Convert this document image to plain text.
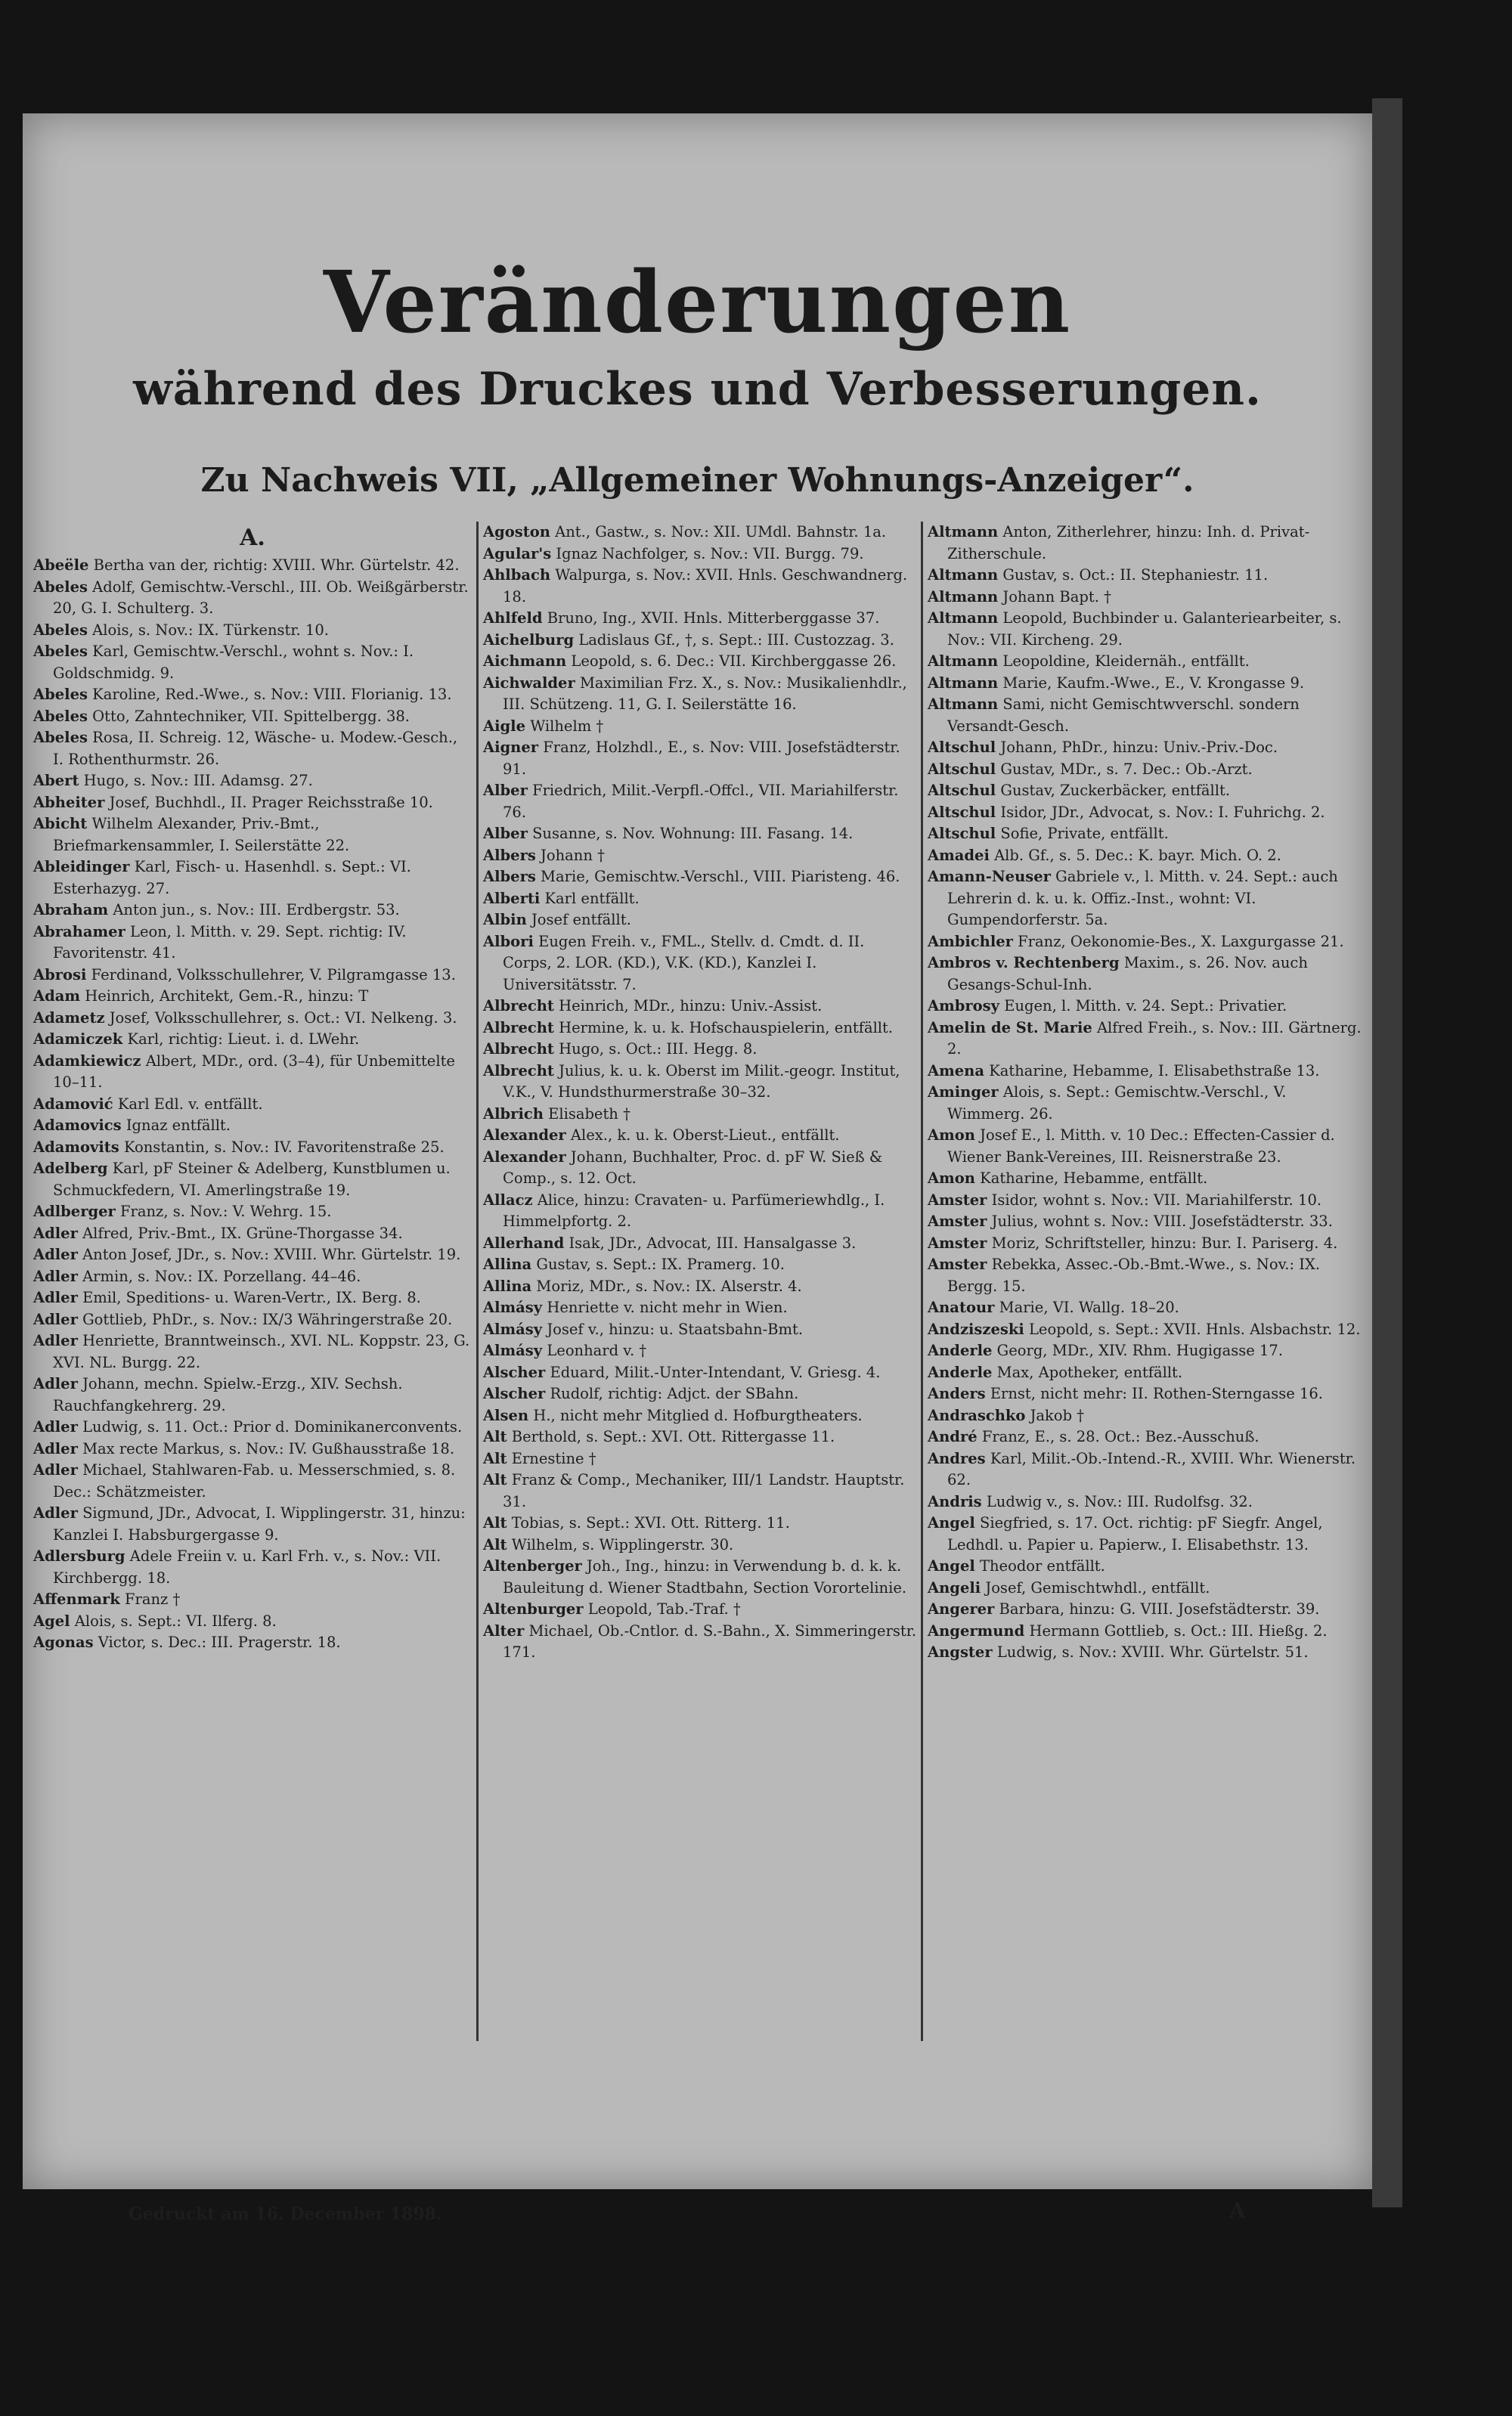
Veränderungen
während des Druckes und Verbesserungen.
Zu Nachweis VII, „Allgemeiner Wohnungs-Anzeiger“.
A.

Abeële Bertha van der, richtig: XVIII. Whr. Gürtelstr. 42.

Abeles Adolf, Gemischtw.-Verschl., III. Ob. Weißgärberstr. 20, G. I. Schulterg. 3.

Abeles Alois, s. Nov.: IX. Türkenstr. 10.

Abeles Karl, Gemischtw.-Verschl., wohnt s. Nov.: I. Goldschmidg. 9.

Abeles Karoline, Red.-Wwe., s. Nov.: VIII. Florianig. 13.

Abeles Otto, Zahntechniker, VII. Spittelbergg. 38.

Abeles Rosa, II. Schreig. 12, Wäsche- u. Modew.-Gesch., I. Rothenthurmstr. 26.

Abert Hugo, s. Nov.: III. Adamsg. 27.

Abheiter Josef, Buchhdl., II. Prager Reichsstraße 10.

Abicht Wilhelm Alexander, Priv.-Bmt., Briefmarkensammler, I. Seilerstätte 22.

Ableidinger Karl, Fisch- u. Hasenhdl. s. Sept.: VI. Esterhazyg. 27.

Abraham Anton jun., s. Nov.: III. Erdbergstr. 53.

Abrahamer Leon, l. Mitth. v. 29. Sept. richtig: IV. Favoritenstr. 41.

Abrosi Ferdinand, Volksschullehrer, V. Pilgramgasse 13.

Adam Heinrich, Architekt, Gem.-R., hinzu: T

Adametz Josef, Volksschullehrer, s. Oct.: VI. Nelkeng. 3.

Adamiczek Karl, richtig: Lieut. i. d. LWehr.

Adamkiewicz Albert, MDr., ord. (3–4), für Unbemittelte 10–11.

Adamović Karl Edl. v. entfällt.

Adamovics Ignaz entfällt.

Adamovits Konstantin, s. Nov.: IV. Favoritenstraße 25.

Adelberg Karl, pF Steiner & Adelberg, Kunstblumen u. Schmuckfedern, VI. Amerlingstraße 19.

Adlberger Franz, s. Nov.: V. Wehrg. 15.

Adler Alfred, Priv.-Bmt., IX. Grüne-Thorgasse 34.

Adler Anton Josef, JDr., s. Nov.: XVIII. Whr. Gürtelstr. 19.

Adler Armin, s. Nov.: IX. Porzellang. 44–46.

Adler Emil, Speditions- u. Waren-Vertr., IX. Berg. 8.

Adler Gottlieb, PhDr., s. Nov.: IX/3 Währingerstraße 20.

Adler Henriette, Branntweinsch., XVI. NL. Koppstr. 23, G. XVI. NL. Burgg. 22.

Adler Johann, mechn. Spielw.-Erzg., XIV. Sechsh. Rauchfangkehrerg. 29.

Adler Ludwig, s. 11. Oct.: Prior d. Dominikanerconvents.

Adler Max recte Markus, s. Nov.: IV. Gußhausstraße 18.

Adler Michael, Stahlwaren-Fab. u. Messerschmied, s. 8. Dec.: Schätzmeister.

Adler Sigmund, JDr., Advocat, I. Wipplingerstr. 31, hinzu: Kanzlei I. Habsburgergasse 9.

Adlersburg Adele Freiin v. u. Karl Frh. v., s. Nov.: VII. Kirchbergg. 18.

Affenmark Franz †

Agel Alois, s. Sept.: VI. Ilferg. 8.

Agonas Victor, s. Dec.: III. Pragerstr. 18.

Agoston Ant., Gastw., s. Nov.: XII. UMdl. Bahnstr. 1a.

Agular's Ignaz Nachfolger, s. Nov.: VII. Burgg. 79.

Ahlbach Walpurga, s. Nov.: XVII. Hnls. Geschwandnerg. 18.

Ahlfeld Bruno, Ing., XVII. Hnls. Mitterberggasse 37.

Aichelburg Ladislaus Gf., †, s. Sept.: III. Custozzag. 3.

Aichmann Leopold, s. 6. Dec.: VII. Kirchberggasse 26.

Aichwalder Maximilian Frz. X., s. Nov.: Musikalienhdlr., III. Schützeng. 11, G. I. Seilerstätte 16.

Aigle Wilhelm †

Aigner Franz, Holzhdl., E., s. Nov: VIII. Josefstädterstr. 91.

Alber Friedrich, Milit.-Verpfl.-Offcl., VII. Mariahilferstr. 76.

Alber Susanne, s. Nov. Wohnung: III. Fasang. 14.

Albers Johann †

Albers Marie, Gemischtw.-Verschl., VIII. Piaristeng. 46.

Alberti Karl entfällt.

Albin Josef entfällt.

Albori Eugen Freih. v., FML., Stellv. d. Cmdt. d. II. Corps, 2. LOR. (KD.), V.K. (KD.), Kanzlei I. Universitätsstr. 7.

Albrecht Heinrich, MDr., hinzu: Univ.-Assist.

Albrecht Hermine, k. u. k. Hofschauspielerin, entfällt.

Albrecht Hugo, s. Oct.: III. Hegg. 8.

Albrecht Julius, k. u. k. Oberst im Milit.-geogr. Institut, V.K., V. Hundsthurmerstraße 30–32.

Albrich Elisabeth †

Alexander Alex., k. u. k. Oberst-Lieut., entfällt.

Alexander Johann, Buchhalter, Proc. d. pF W. Sieß & Comp., s. 12. Oct.

Allacz Alice, hinzu: Cravaten- u. Parfümeriewhdlg., I. Himmelpfortg. 2.

Allerhand Isak, JDr., Advocat, III. Hansalgasse 3.

Allina Gustav, s. Sept.: IX. Pramerg. 10.

Allina Moriz, MDr., s. Nov.: IX. Alserstr. 4.

Almásy Henriette v. nicht mehr in Wien.

Almásy Josef v., hinzu: u. Staatsbahn-Bmt.

Almásy Leonhard v. †

Alscher Eduard, Milit.-Unter-Intendant, V. Griesg. 4.

Alscher Rudolf, richtig: Adjct. der SBahn.

Alsen H., nicht mehr Mitglied d. Hofburgtheaters.

Alt Berthold, s. Sept.: XVI. Ott. Rittergasse 11.

Alt Ernestine †

Alt Franz & Comp., Mechaniker, III/1 Landstr. Hauptstr. 31.

Alt Tobias, s. Sept.: XVI. Ott. Ritterg. 11.

Alt Wilhelm, s. Wipplingerstr. 30.

Altenberger Joh., Ing., hinzu: in Verwendung b. d. k. k. Bauleitung d. Wiener Stadtbahn, Section Vorortelinie.

Altenburger Leopold, Tab.-Traf. †

Alter Michael, Ob.-Cntlor. d. S.-Bahn., X. Simmeringerstr. 171.

Altmann Anton, Zitherlehrer, hinzu: Inh. d. Privat-Zitherschule.

Altmann Gustav, s. Oct.: II. Stephaniestr. 11.

Altmann Johann Bapt. †

Altmann Leopold, Buchbinder u. Galanteriearbeiter, s. Nov.: VII. Kircheng. 29.

Altmann Leopoldine, Kleidernäh., entfällt.

Altmann Marie, Kaufm.-Wwe., E., V. Krongasse 9.

Altmann Sami, nicht Gemischtwverschl. sondern Versandt-Gesch.

Altschul Johann, PhDr., hinzu: Univ.-Priv.-Doc.

Altschul Gustav, MDr., s. 7. Dec.: Ob.-Arzt.

Altschul Gustav, Zuckerbäcker, entfällt.

Altschul Isidor, JDr., Advocat, s. Nov.: I. Fuhrichg. 2.

Altschul Sofie, Private, entfällt.

Amadei Alb. Gf., s. 5. Dec.: K. bayr. Mich. O. 2.

Amann-Neuser Gabriele v., l. Mitth. v. 24. Sept.: auch Lehrerin d. k. u. k. Offiz.-Inst., wohnt: VI. Gumpendorferstr. 5a.

Ambichler Franz, Oekonomie-Bes., X. Laxgurgasse 21.

Ambros v. Rechtenberg Maxim., s. 26. Nov. auch Gesangs-Schul-Inh.

Ambrosy Eugen, l. Mitth. v. 24. Sept.: Privatier.

Amelin de St. Marie Alfred Freih., s. Nov.: III. Gärtnerg. 2.

Amena Katharine, Hebamme, I. Elisabethstraße 13.

Aminger Alois, s. Sept.: Gemischtw.-Verschl., V. Wimmerg. 26.

Amon Josef E., l. Mitth. v. 10 Dec.: Effecten-Cassier d. Wiener Bank-Vereines, III. Reisnerstraße 23.

Amon Katharine, Hebamme, entfällt.

Amster Isidor, wohnt s. Nov.: VII. Mariahilferstr. 10.

Amster Julius, wohnt s. Nov.: VIII. Josefstädterstr. 33.

Amster Moriz, Schriftsteller, hinzu: Bur. I. Pariserg. 4.

Amster Rebekka, Assec.-Ob.-Bmt.-Wwe., s. Nov.: IX. Bergg. 15.

Anatour Marie, VI. Wallg. 18–20.

Andziszeski Leopold, s. Sept.: XVII. Hnls. Alsbachstr. 12.

Anderle Georg, MDr., XIV. Rhm. Hugigasse 17.

Anderle Max, Apotheker, entfällt.

Anders Ernst, nicht mehr: II. Rothen-Sterngasse 16.

Andraschko Jakob †

André Franz, E., s. 28. Oct.: Bez.-Ausschuß.

Andres Karl, Milit.-Ob.-Intend.-R., XVIII. Whr. Wienerstr. 62.

Andris Ludwig v., s. Nov.: III. Rudolfsg. 32.

Angel Siegfried, s. 17. Oct. richtig: pF Siegfr. Angel, Ledhdl. u. Papier u. Papierw., I. Elisabethstr. 13.

Angel Theodor entfällt.

Angeli Josef, Gemischtwhdl., entfällt.

Angerer Barbara, hinzu: G. VIII. Josefstädterstr. 39.

Angermund Hermann Gottlieb, s. Oct.: III. Hießg. 2.

Angster Ludwig, s. Nov.: XVIII. Whr. Gürtelstr. 51.

Gedruckt am 16. December 1898.	A
